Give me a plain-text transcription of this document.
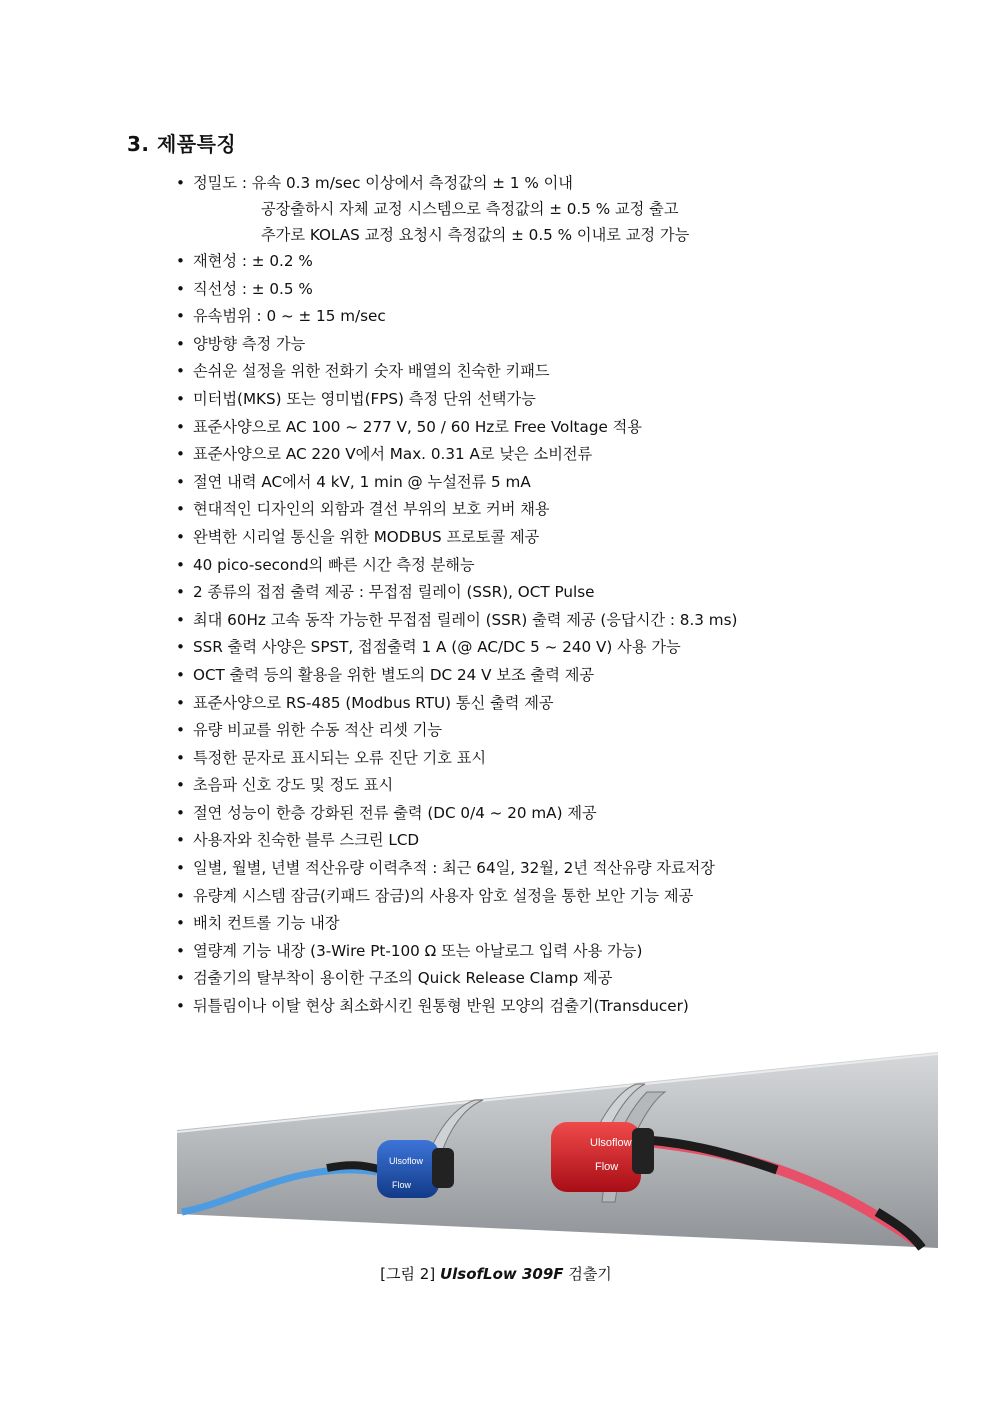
3. 제품특징
• 정밀도 : 유속 0.3 m/sec 이상에서 측정값의 ± 1 % 이내
공장출하시 자체 교정 시스템으로 측정값의 ± 0.5 % 교정 출고
추가로 KOLAS 교정 요청시 측정값의 ± 0.5 % 이내로 교정 가능
• 재현성 : ± 0.2 %
• 직선성 : ± 0.5 %
• 유속범위 : 0 ~ ± 15 m/sec
• 양방향 측정 가능
• 손쉬운 설정을 위한 전화기 숫자 배열의 친숙한 키패드
• 미터법(MKS) 또는 영미법(FPS) 측정 단위 선택가능
• 표준사양으로 AC 100 ~ 277 V, 50 / 60 Hz로 Free Voltage 적용
• 표준사양으로 AC 220 V에서 Max. 0.31 A로 낮은 소비전류
• 절연 내력 AC에서 4 kV, 1 min @ 누설전류 5 mA
• 현대적인 디자인의 외함과 결선 부위의 보호 커버 채용
• 완벽한 시리얼 통신을 위한 MODBUS 프로토콜 제공
• 40 pico-second의 빠른 시간 측정 분해능
• 2 종류의 접점 출력 제공 : 무접점 릴레이 (SSR), OCT Pulse
• 최대 60Hz 고속 동작 가능한 무접점 릴레이 (SSR) 출력 제공 (응답시간 : 8.3 ms)
• SSR 출력 사양은 SPST, 접점출력 1 A (@ AC/DC 5 ~ 240 V) 사용 가능
• OCT 출력 등의 활용을 위한 별도의 DC 24 V 보조 출력 제공
• 표준사양으로 RS-485 (Modbus RTU) 통신 출력 제공
• 유량 비교를 위한 수동 적산 리셋 기능
• 특정한 문자로 표시되는 오류 진단 기호 표시
• 초음파 신호 강도 및 정도 표시
• 절연 성능이 한층 강화된 전류 출력 (DC 0/4 ~ 20 mA) 제공
• 사용자와 친숙한 블루 스크린 LCD
• 일별, 월별, 년별 적산유량 이력추적 : 최근 64일, 32월, 2년 적산유량 자료저장
• 유량계 시스템 잠금(키패드 잠금)의 사용자 암호 설정을 통한 보안 기능 제공
• 배치 컨트롤 기능 내장
• 열량계 기능 내장 (3-Wire Pt-100 Ω 또는 아날로그 입력 사용 가능)
• 검출기의 탈부착이 용이한 구조의 Quick Release Clamp 제공
• 뒤틀림이나 이탈 현상 최소화시킨 원통형 반원 모양의 검출기(Transducer)
Ulsoflow
Flow
Ulsoflow
Flow
[그림 2] UlsofLow 309F 검출기
